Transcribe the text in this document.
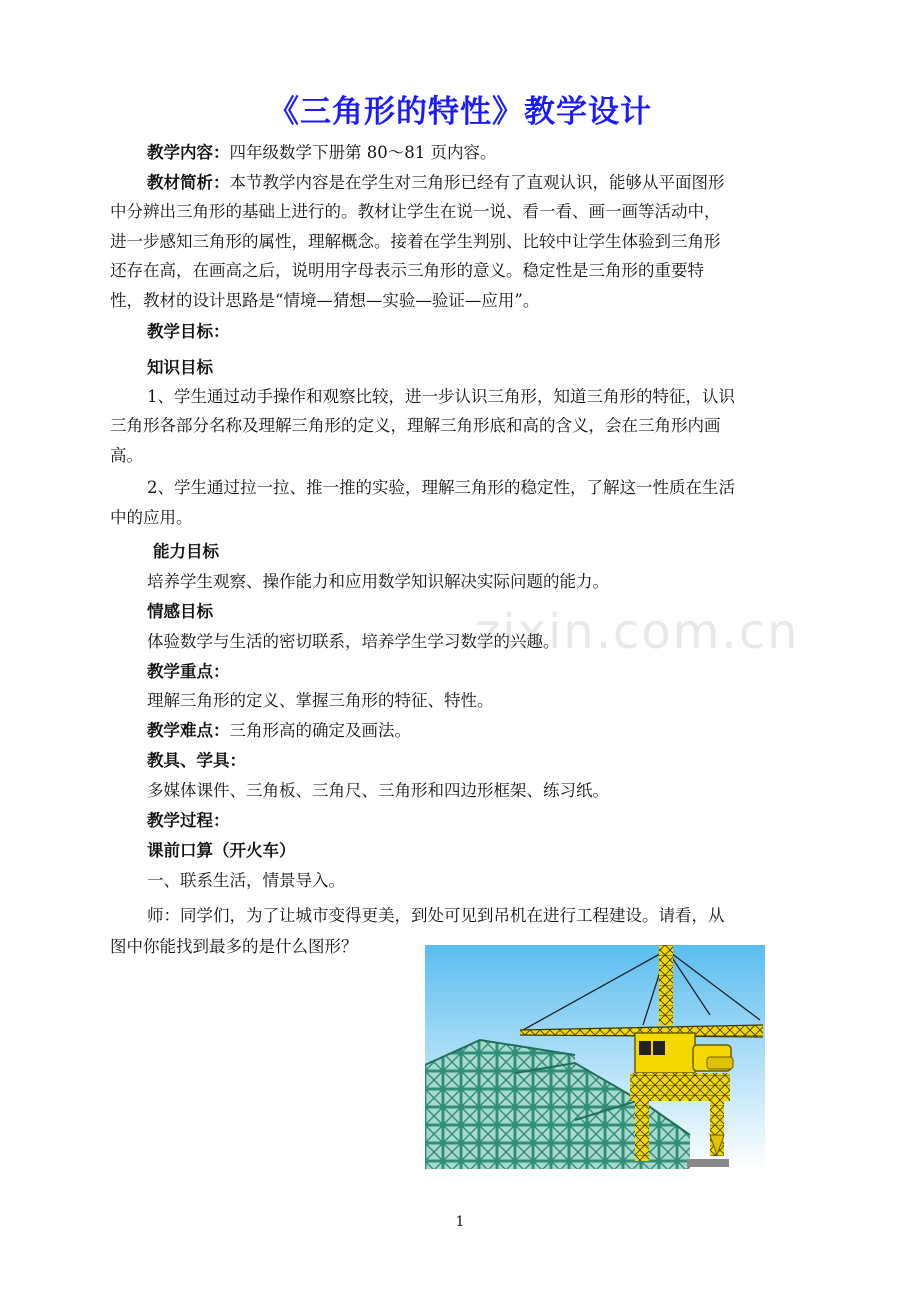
《三角形的特性》教学设计
教学内容：四年级数学下册第 80～81 页内容。
教材简析：本节教学内容是在学生对三角形已经有了直观认识，能够从平面图形
中分辨出三角形的基础上进行的。教材让学生在说一说、看一看、画一画等活动中，
进一步感知三角形的属性，理解概念。接着在学生判别、比较中让学生体验到三角形
还存在高，在画高之后，说明用字母表示三角形的意义。稳定性是三角形的重要特
性，教材的设计思路是“情境—猜想—实验—验证—应用”。
教学目标：
知识目标
1、学生通过动手操作和观察比较，进一步认识三角形，知道三角形的特征，认识
三角形各部分名称及理解三角形的定义，理解三角形底和高的含义，会在三角形内画
高。
2、学生通过拉一拉、推一推的实验，理解三角形的稳定性，了解这一性质在生活
中的应用。
能力目标
培养学生观察、操作能力和应用数学知识解决实际问题的能力。
情感目标
体验数学与生活的密切联系，培养学生学习数学的兴趣。
教学重点：
理解三角形的定义、掌握三角形的特征、特性。
教学难点：三角形高的确定及画法。
教具、学具：
多媒体课件、三角板、三角尺、三角形和四边形框架、练习纸。
教学过程：
课前口算（开火车）
一、联系生活，情景导入。
师：同学们，为了让城市变得更美，到处可见到吊机在进行工程建设。请看，从
图中你能找到最多的是什么图形？
zixin.com.cn
1
